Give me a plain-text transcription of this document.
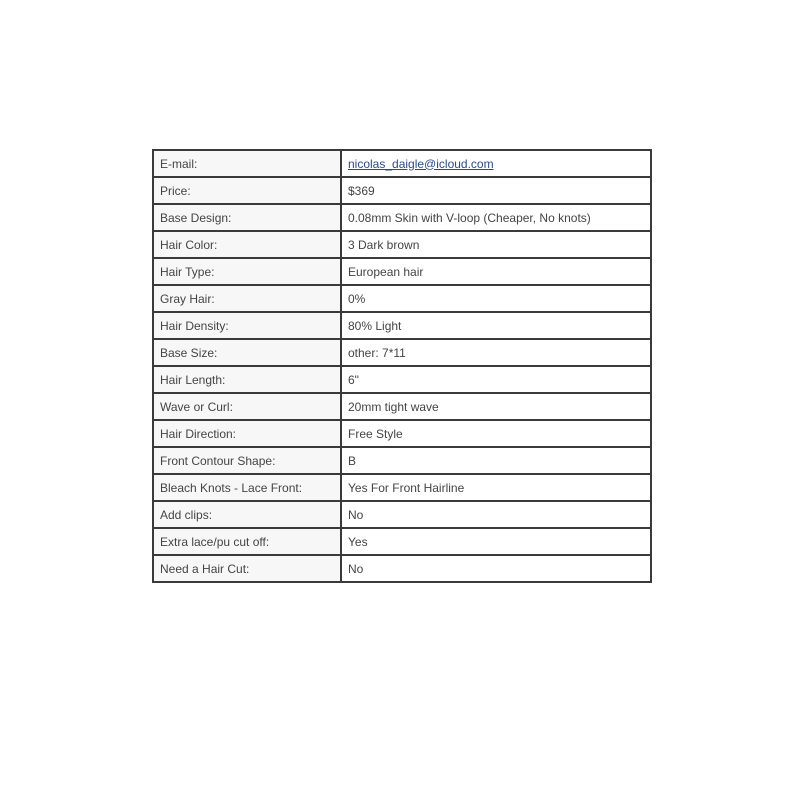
E-mail:	nicolas_daigle@icloud.com
Price:	$369
Base Design:	0.08mm Skin with V-loop (Cheaper, No knots)
Hair Color:	3 Dark brown
Hair Type:	European hair
Gray Hair:	0%
Hair Density:	80% Light
Base Size:	other: 7*11
Hair Length:	6"
Wave or Curl:	20mm tight wave
Hair Direction:	Free Style
Front Contour Shape:	B
Bleach Knots - Lace Front:	Yes For Front Hairline
Add clips:	No
Extra lace/pu cut off:	Yes
Need a Hair Cut:	No
